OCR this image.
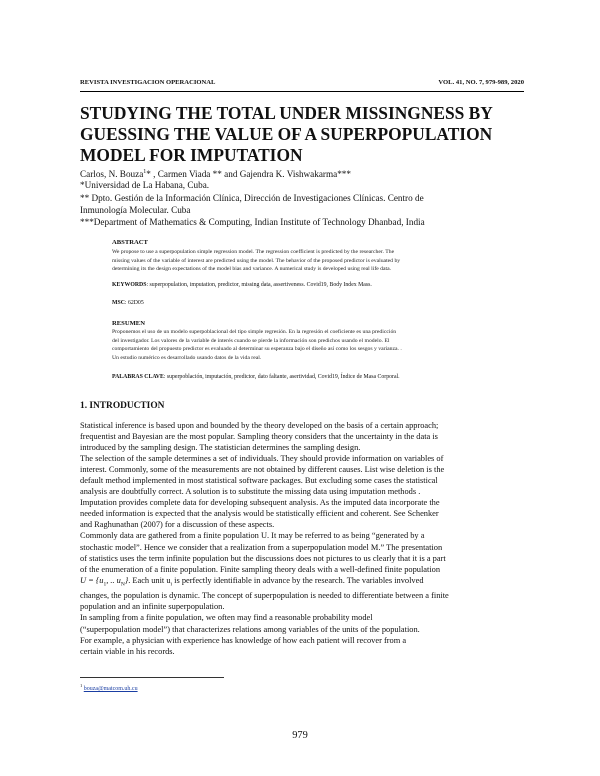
REVISTA INVESTIGACION OPERACIONAL	VOL. 41, NO. 7, 979-989, 2020
STUDYING THE TOTAL UNDER MISSINGNESS BY
GUESSING THE VALUE OF A SUPERPOPULATION
MODEL FOR IMPUTATION
Carlos, N. Bouza$^1$* , Carmen Viada ** and Gajendra K. Vishwakarma***
*Universidad de La Habana, Cuba.
** Dpto. Gestión de la Información Clínica, Dirección de Investigaciones Clínicas. Centro de
Inmunología Molecular. Cuba
***Department of Mathematics & Computing, Indian Institute of Technology Dhanbad, India
ABSTRACT
We propose to use a superpopulation simple regression model. The regression coefficient is predicted by the researcher. The
missing values of the variable of interest are predicted using the model. The behavior of the proposed predictor is evaluated by
determining its the design expectations of the model bias and variance. A numerical study is developed using real life data.
KEYWORDS: superpopulation, imputation, predictor, missing data, assertiveness. Covid19, Body Index Mass.
MSC: 62D05
RESUMEN
Proponemos el uso de un modelo superpoblacional del tipo simple regresión. En la regresión el coeficiente es una predicción
del investigador. Los valores de la variable de interés cuando se pierde la información son predichos usando el modelo. El
comportamiento del propuesto predictor es evaluado al determinar su esperanza bajo el diseño así como los sesgos y varianza. .
Un estudio numérico es desarrollado usando datos de la vida real.
PALABRAS CLAVE: superpoblación, imputación, predictor, dato faltante, asertividad, Covid19, Índice de Masa Corporal.
1. INTRODUCTION
Statistical inference is based upon and bounded by the theory developed on the basis of a certain approach;
frequentist and Bayesian are the most popular. Sampling theory considers that the uncertainty in the data is
introduced by the sampling design. The statistician determines the sampling design.
The selection of the sample determines a set of individuals. They should provide information on variables of
interest. Commonly, some of the measurements are not obtained by different causes. List wise deletion is the
default method implemented in most statistical software packages. But excluding some cases the statistical
analysis are doubtfully correct. A solution is to substitute the missing data using imputation methods .
Imputation provides complete data for developing subsequent analysis. As the imputed data incorporate the
needed information is expected that the analysis would be statistically efficient and coherent. See Schenker
and Raghunathan (2007) for a discussion of these aspects.
Commonly data are gathered from a finite population U. It may be referred to as being “generated by a
stochastic model”. Hence we consider that a realization from a superpopulation model M.” The presentation
of statistics uses the term infinite population but the discussions does not pictures to us clearly that it is a part
of the enumeration of a finite population. Finite sampling theory deals with a well-defined finite population
$U = \{u_1$, .. $u_N$}. Each unit $u_i$ is perfectly identifiable in advance by the research. The variables involved
changes, the population is dynamic. The concept of superpopulation is needed to differentiate between a finite
population and an infinite superpopulation.
In sampling from a finite population, we often may find a reasonable probability model
(“superpopulation model”) that characterizes relations among variables of the units of the population.
For example, a physician with experience has knowledge of how each patient will recover from a
certain viable in his records.
$^1$ bouza@matcom.uh.cu
979
